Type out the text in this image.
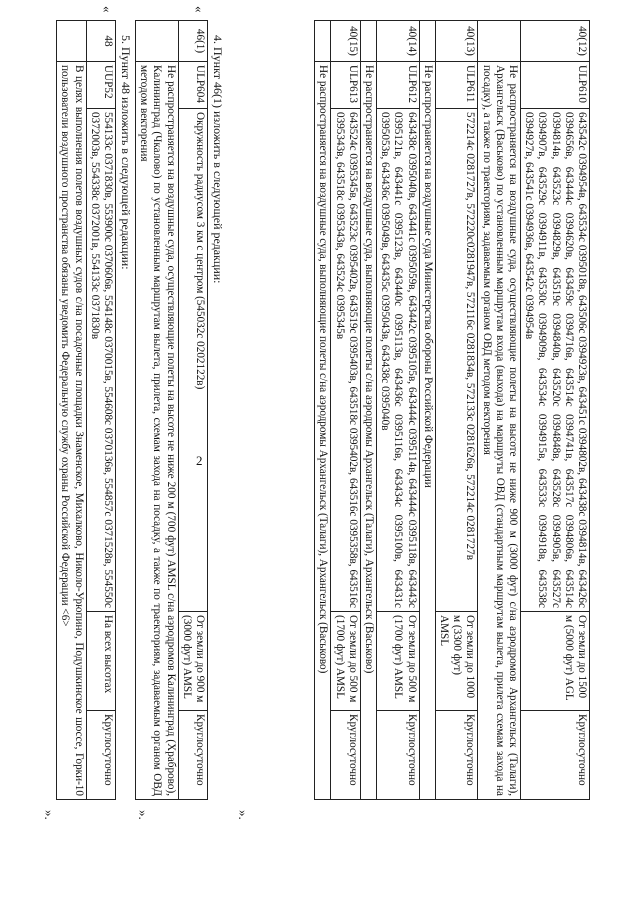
2
40(12)	ULP610	643542с 0394954в, 643534с 0395018в, 643506с 0394923в, 643451с 0394802в, 643438с 0394814в, 643426с 0394656в, 643444с 0394620в, 643459с 0394716в, 643514с 0394741в, 643517с 0394806в, 643514с 0394814в, 643523с 0394829в, 643519с 0394840в, 643520с 0394848в, 643528с 0394905в, 643527с 0394907в, 643529с 0394911в, 643530с 0394909в, 643534с 0394915в, 643533с 0394918в, 643538с 0394927в, 643541с 0394936в, 643542с 0394954в	От земли до 1500 м (5000 фут) AGL	Круглосуточно
	Не распространяется на воздушные суда, осуществляющие полеты на высоте не ниже 900 м (3000 фут) с/на аэродромов Архангельск (Талаги), Архангельск (Васьково) по установленным маршрутам входа (выхода) на маршруты ОВД (стандартным маршрутам вылета, прилета схемам захода на посадку), а также по траекториям, задаваемым органом ОВД методом векторения			
40(13)	ULP611	572214с 0281727в, 572220с0281947в, 572116с 0281834в, 572133с 0281626в, 572214с 0281727в	От земли до 1000 м (3300 фут) AMSL	Круглосуточно
	Не распространяется на воздушные суда Министерства обороны Российской Федерации			
40(14)	ULP612	643438с 0395040в, 643441с 0395059в, 643442с 0395105в, 643444с 0395114в, 643444с 0395118в, 643443с 0395121в, 643441с 0395123в, 643440с 0395113в, 643436с 0395116в, 643434с 0395100в, 643431с 0395053в, 643436с 0395049в, 643435с 0395043в, 643438с 0395040в	От земли до 500 м (1700 фут) AMSL	Круглосуточно
	Не распространяется на воздушные суда, выполняющие полеты с/на аэродромы Архангельск (Талаги), Архангельск (Васьково)			
40(15)	ULP613	643524с 0395345в, 643523с 0395402в, 643519с 0395403в, 643518с 0395402в, 643516с 0395358в, 643516с 0395343в, 643518с 0395343в, 643524с 0395345в	От земли до 500 м (1700 фут) AMSL	Круглосуточно
	Не распространяется на воздушные суда, выполняющие полеты с/на аэродромы Архангельск (Талаги), Архангельск (Васьково)			
».
4. Пункт 46(1) изложить в следующей редакции:
«
46(1)	ULP604	Окружность радиусом 3 км с центром (545032с 0202122в)	От земли до 900 м (3000 фут) AMSL	Круглосуточно
	Не распространяется на воздушные суда, осуществляющие полеты на высоте не ниже 200 м (700 фут) AMSL с/на аэродромов Калининград (Храброво), Калининград (Чкалово) по установленным маршрутам вылета, прилета, схемам захода на посадку, а также по траекториям, задаваемым органом ОВД методом векторения			
».
5. Пункт 48 изложить в следующей редакции:
«
48	UUP52	554133с 0371830в, 553900с 0370606в, 554148с 0370015в, 554608с 0370136в, 554857с 0371528в, 554550с 0372003в, 554338с 0372001в, 554133с 0371830в	На всех высотах	Круглосуточно
	В целях выполнения полетов воздушных судов с/на посадочные площадки Знаменское, Михалково, Николо-Урюпино, Подушкинское шоссе, Горки-10 пользователи воздушного пространства обязаны уведомить Федеральную службу охраны Российской Федерации <6>			
».
